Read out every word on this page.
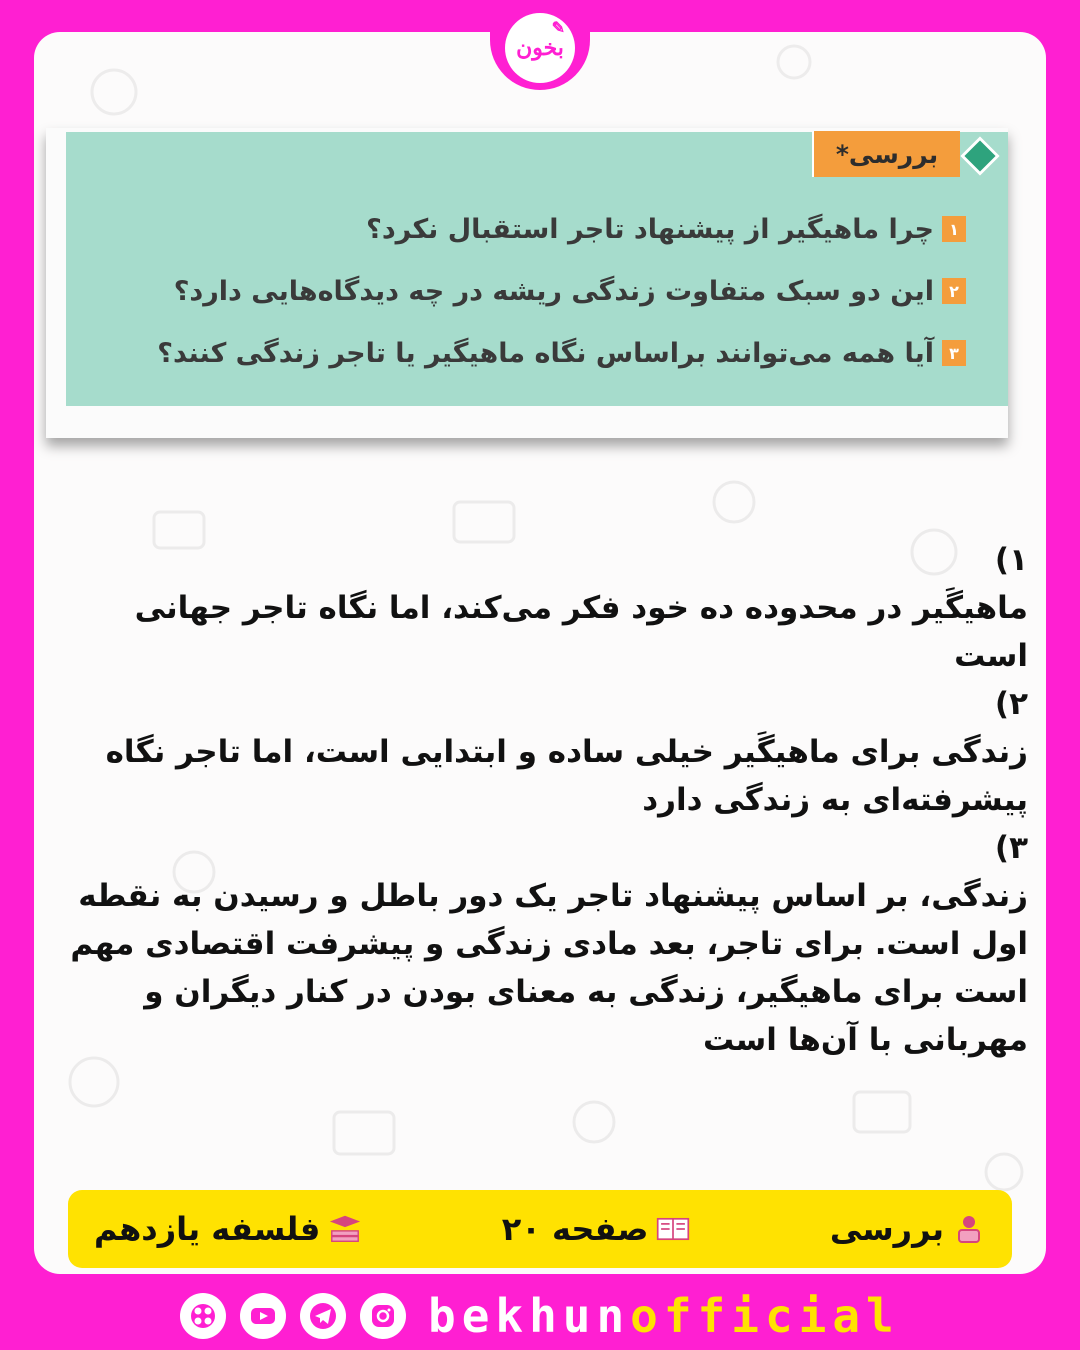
✎
بخون
بررسی*
۱
چرا ماهیگیر از پیشنهاد تاجر استقبال نکرد؟
۲
این دو سبک متفاوت زندگی ریشه در چه دیدگاه‌هایی دارد؟
۳
آیا همه می‌توانند براساس نگاه ماهیگیر یا تاجر زندگی کنند؟

۱)

ماهیگَیر در محدوده ده خود فکر می‌کند، اما نگاه تاجر جهانی است

۲)

زندگی برای ماهیگَیر خیلی ساده و ابتدایی است، اما تاجر نگاه پیشرفته‌ای به زندگی دارد

۳)

زندگی، بر اساس پیشنهاد تاجر یک دور باطل و رسیدن به نقطه اول است. برای تاجر، بعد مادی زندگی و پیشرفت اقتصادی مهم است برای ماهیگیر، زندگی به معنای بودن در کنار دیگران و مهربانی با آن‌ها است

بررسی
صفحه ۲۰
فلسفه یازدهم
bekhunofficial
